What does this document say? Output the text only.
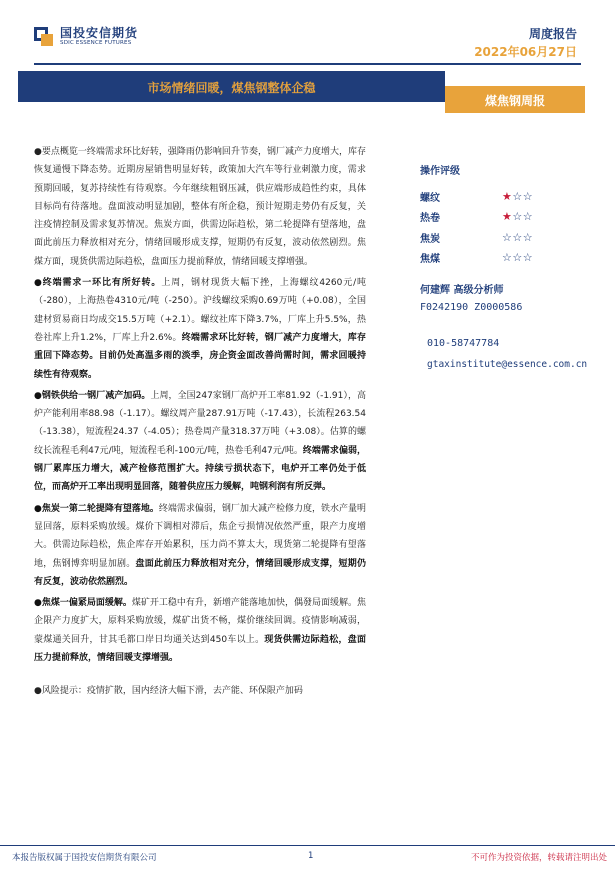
国投安信期货
SDIC ESSENCE FUTURES
周度报告
2022年06月27日
市场情绪回暖，煤焦钢整体企稳
煤焦钢周报

●要点概览一终端需求环比好转，强降雨仍影响回升节奏，钢厂减产力度增大，库存恢复通慢下降态势。近期房屋销售明显好转，政策加大汽车等行业刺激力度，需求预期回暖，复苏持续性有待观察。今年继续粗钢压减，供应端形成趋性约束，具体目标尚有待落地。盘面波动明显加剧，整体有所企稳，预计短期走势仍有反复，关注疫情控制及需求复苏情况。焦炭方面，供需边际趋松，第二轮提降有望落地，盘面此前压力释放相对充分，情绪回暖形成支撑，短期仍有反复，波动依然剧烈。焦煤方面，现货供需边际趋松，盘面压力提前释放，情绪回暖支撑增强。

●终端需求一环比有所好转。上周，钢材现货大幅下挫，上海螺纹4260元/吨（-280），上海热卷4310元/吨（-250）。沪线螺纹采购0.69万吨（+0.08），全国建材贸易商日均成交15.5万吨（+2.1）。螺纹社库下降3.7%，厂库上升5.5%，热卷社库上升1.2%，厂库上升2.6%。终端需求环比好转，钢厂减产力度增大，库存重回下降态势。目前仍处高温多雨的淡季，房企资金面改善尚需时间，需求回暖持续性有待观察。

●钢铁供给一钢厂减产加码。上周，全国247家钢厂高炉开工率81.92（-1.91），高炉产能利用率88.98（-1.17）。螺纹周产量287.91万吨（-17.43），长流程263.54（-13.38），短流程24.37（-4.05）；热卷周产量318.37万吨（+3.08）。估算的螺纹长流程毛利47元/吨，短流程毛利-100元/吨，热卷毛利47元/吨。终端需求偏弱，钢厂累库压力增大，减产检修范围扩大。持续亏损状态下，电炉开工率仍处于低位，而高炉开工率出现明显回落，随着供应压力缓解，吨钢利润有所反弹。

●焦炭一第二轮提降有望落地。终端需求偏弱，钢厂加大减产检修力度，铁水产量明显回落，原料采购放缓。煤价下调相对滞后，焦企亏损情况依然严重，限产力度增大。供需边际趋松，焦企库存开始累积，压力尚不算太大，现货第二轮提降有望落地，焦钢博弈明显加剧。盘面此前压力释放相对充分，情绪回暖形成支撑，短期仍有反复，波动依然剧烈。

●焦煤一偏紧局面缓解。煤矿开工稳中有升，新增产能落地加快，偶發局面缓解。焦企限产力度扩大，原料采购放缓，煤矿出货不畅，煤价继续回调。疫情影响减弱，蒙煤通关回升，甘其毛都口岸日均通关达到450车以上。现货供需边际趋松，盘面压力提前释放，情绪回暖支撑增强。

●风险提示：疫情扩散，国内经济大幅下滑，去产能、环保限产加码

操作评级
螺纹	★☆☆
热卷	★☆☆
焦炭	☆☆☆
焦煤	☆☆☆
何建辉 高级分析师
F0242190 Z0000586
010-58747784
gtaxinstitute@essence.com.cn
本报告版权属于国投安信期货有限公司	1	不可作为投资依据，转载请注明出处
